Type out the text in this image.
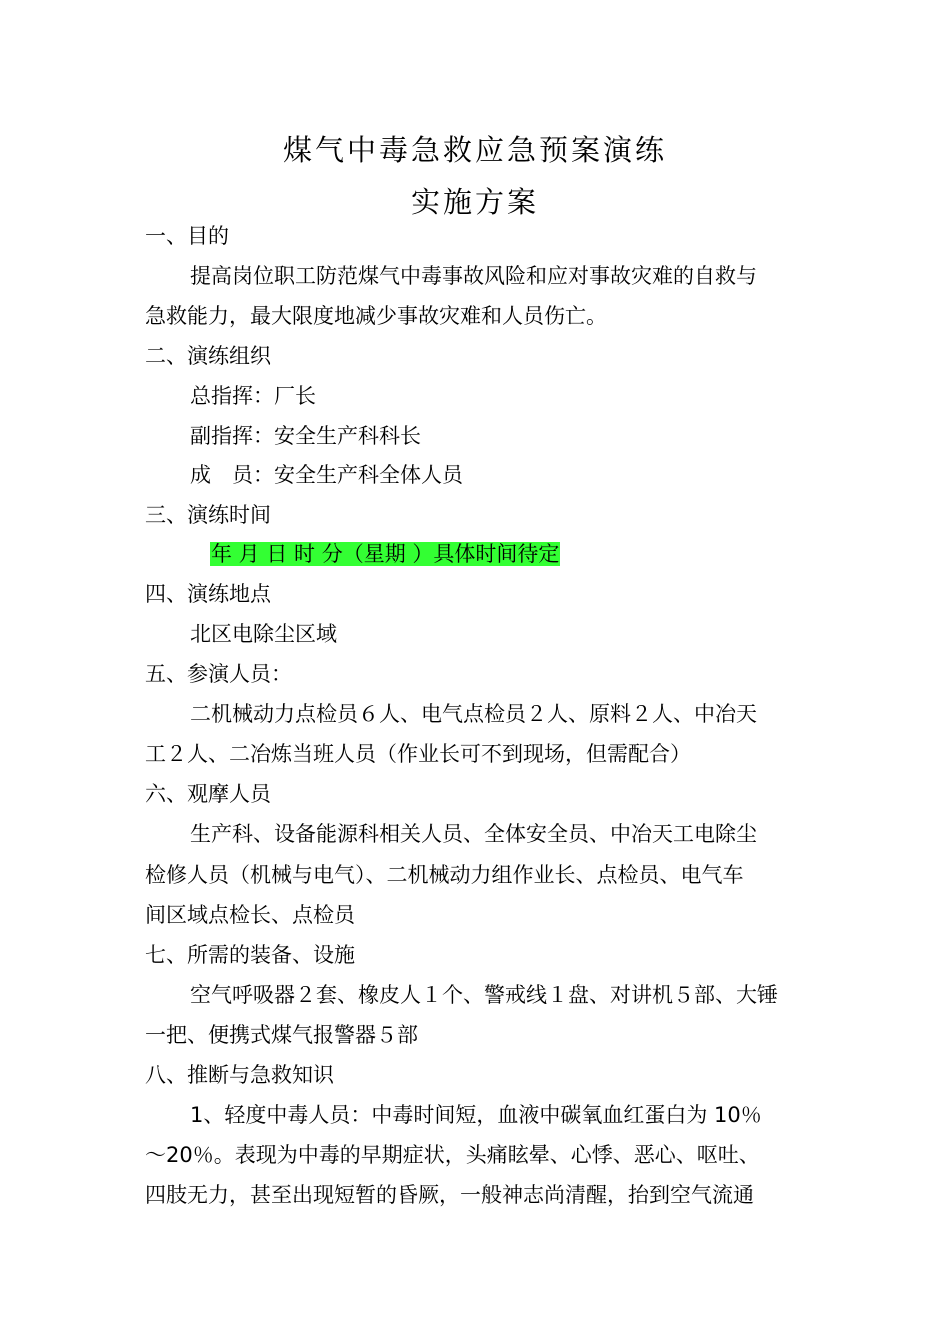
煤气中毒急救应急预案演练
实施方案
一、目的
提高岗位职工防范煤气中毒事故风险和应对事故灾难的自救与
急救能力，最大限度地减少事故灾难和人员伤亡。
二、演练组织
总指挥：厂长
副指挥：安全生产科科长
成　员：安全生产科全体人员
三、演练时间
年 月 日 时 分（星期 ）具体时间待定
四、演练地点
北区电除尘区域
五、参演人员：
二机械动力点检员６人、电气点检员２人、原料２人、中冶天
工２人、二冶炼当班人员（作业长可不到现场，但需配合）
六、观摩人员
生产科、设备能源科相关人员、全体安全员、中冶天工电除尘
检修人员（机械与电气）、二机械动力组作业长、点检员、电气车
间区域点检长、点检员
七、所需的装备、设施
空气呼吸器２套、橡皮人１个、警戒线１盘、对讲机５部、大锤
一把、便携式煤气报警器５部
八、推断与急救知识
1、轻度中毒人员：中毒时间短，血液中碳氧血红蛋白为 10％
～20％。表现为中毒的早期症状，头痛眩晕、心悸、恶心、呕吐、
四肢无力，甚至出现短暂的昏厥，一般神志尚清醒，抬到空气流通
